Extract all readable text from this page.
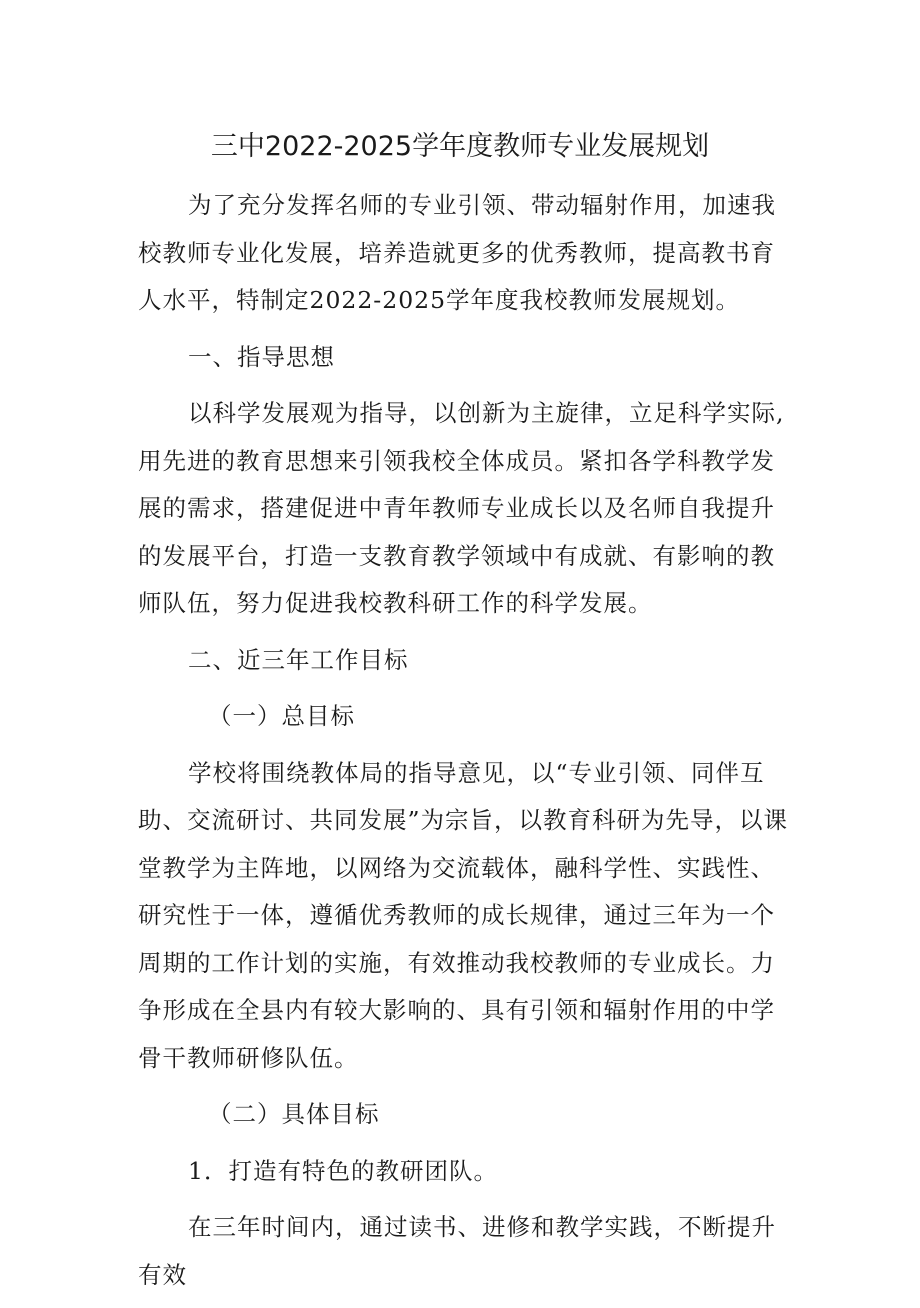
三中2022-2025学年度教师专业发展规划

为了充分发挥名师的专业引领、带动辐射作用，加速我校教师专业化发展，培养造就更多的优秀教师，提高教书育人水平，特制定2022-2025学年度我校教师发展规划。

一、指导思想

以科学发展观为指导，以创新为主旋律，立足科学实际,用先进的教育思想来引领我校全体成员。紧扣各学科教学发展的需求，搭建促进中青年教师专业成长以及名师自我提升的发展平台，打造一支教育教学领域中有成就、有影响的教师队伍，努力促进我校教科研工作的科学发展。

二、近三年工作目标

（一）总目标

学校将围绕教体局的指导意见，以“专业引领、同伴互助、交流研讨、共同发展”为宗旨，以教育科研为先导，以课堂教学为主阵地，以网络为交流载体，融科学性、实践性、研究性于一体，遵循优秀教师的成长规律，通过三年为一个周期的工作计划的实施，有效推动我校教师的专业成长。力争形成在全县内有较大影响的、具有引领和辐射作用的中学骨干教师研修队伍。

（二）具体目标

1．打造有特色的教研团队。

在三年时间内，通过读书、进修和教学实践，不断提升有效
